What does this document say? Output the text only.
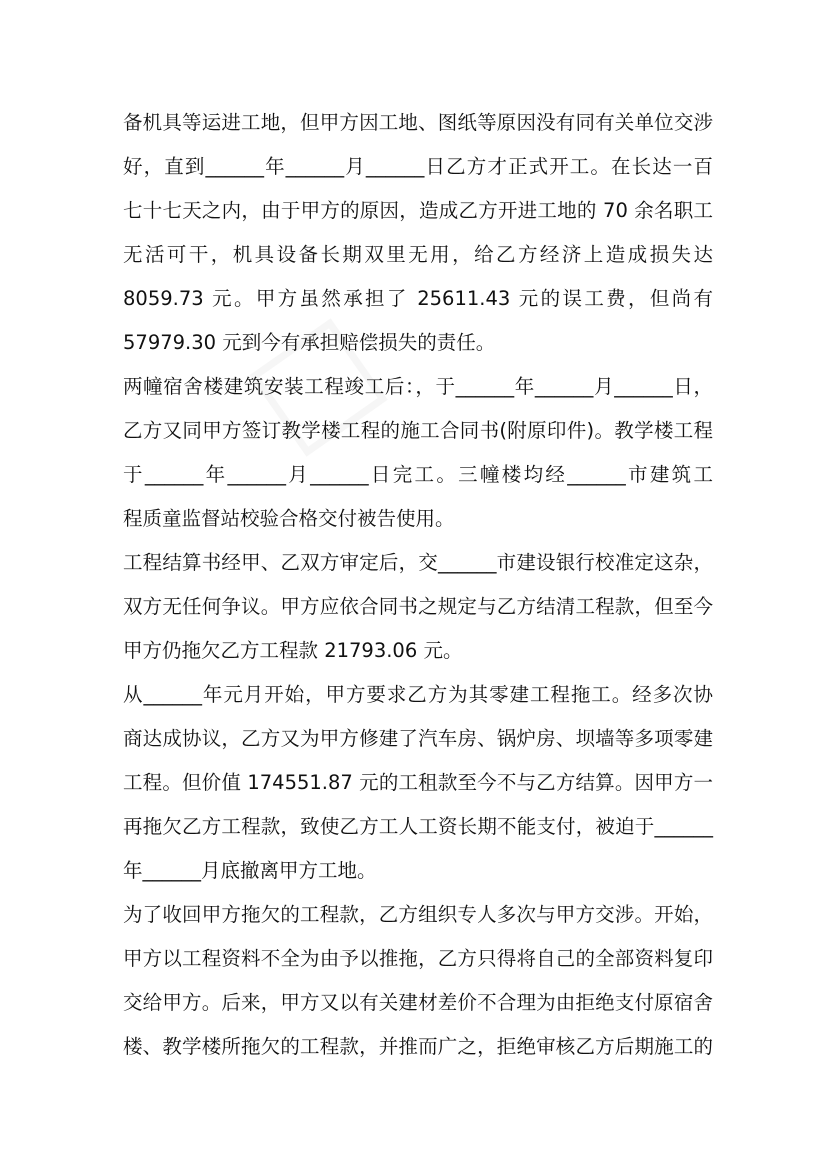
备机具等运进工地，但甲方因工地、图纸等原因没有同有关单位交涉
好，直到______年______月______日乙方才正式开工。在长达一百
七十七天之内，由于甲方的原因，造成乙方开进工地的 70 余名职工
无活可干，机具设备长期双里无用，给乙方经济上造成损失达
8059.73 元。甲方虽然承担了 25611.43 元的误工费，但尚有
57979.30 元到今有承担赔偿损失的责任。
两幢宿舍楼建筑安装工程竣工后：，于______年______月______日，
乙方又同甲方签订教学楼工程的施工合同书(附原印件)。教学楼工程
于______年______月______日完工。三幢楼均经______市建筑工
程质童监督站校验合格交付被告使用。
工程结算书经甲、乙双方审定后，交______市建设银行校准定这杂，
双方无任何争议。甲方应依合同书之规定与乙方结清工程款，但至今
甲方仍拖欠乙方工程款 21793.06 元。
从______年元月开始，甲方要求乙方为其零建工程拖工。经多次协
商达成协议，乙方又为甲方修建了汽车房、锅炉房、坝墙等多项零建
工程。但价值 174551.87 元的工租款至今不与乙方结算。因甲方一
再拖欠乙方工程款，致使乙方工人工资长期不能支付，被迫于______
年______月底撤离甲方工地。
为了收回甲方拖欠的工程款，乙方组织专人多次与甲方交涉。开始，
甲方以工程资料不全为由予以推拖，乙方只得将自己的全部资料复印
交给甲方。后来，甲方又以有关建材差价不合理为由拒绝支付原宿舍
楼、教学楼所拖欠的工程款，并推而广之，拒绝审核乙方后期施工的
